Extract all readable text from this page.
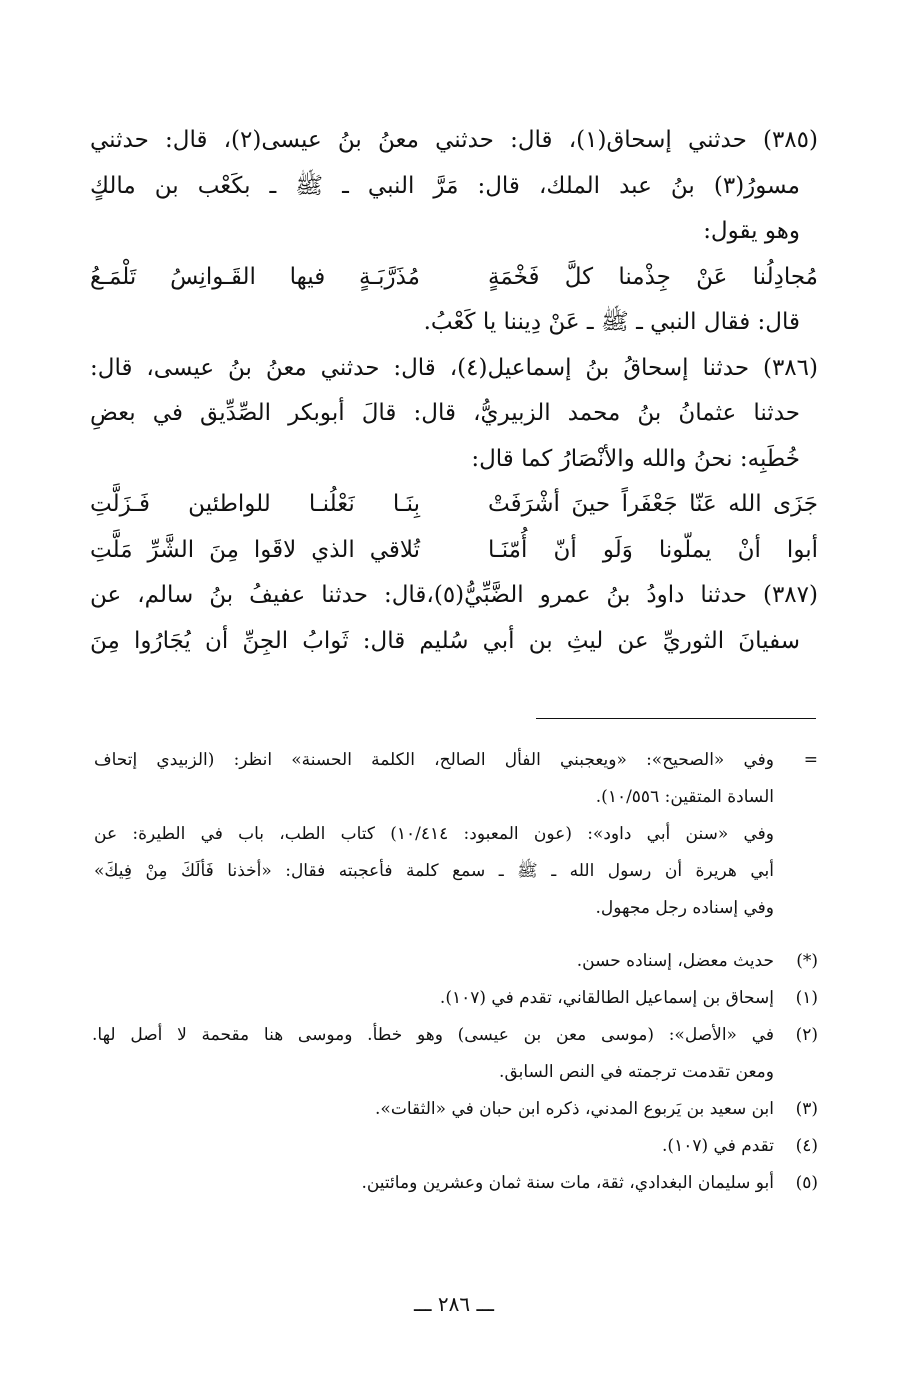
(٣٨٥) حدثني إسحاق(١)، قال: حدثني معنُ بنُ عيسى(٢)، قال: حدثني
مسورُ(٣) بنُ عبد الملك، قال: مَرَّ النبي ـ ﷺ ـ بكَعْب بن مالكٍ
وهو يقول:
مُجادِلُنا عَنْ جِذْمنا كلَّ فَخْمَةٍ
مُذَرَّبَـةٍ فيها القَـوانِسُ تَلْمَـعُ
قال: فقال النبي ـ ﷺ ـ عَنْ دِيننا يا كَعْبُ.
(٣٨٦) حدثنا إسحاقُ بنُ إسماعيل(٤)، قال: حدثني معنُ بنُ عيسى، قال:
حدثنا عثمانُ بنُ محمد الزبيريُّ، قال: قالَ أبوبكر الصِّدِّيق في بعضِ
خُطَبِه: نحنُ والله والأنْصَارُ كما قال:
جَزَى الله عَنّا جَعْفَراً حينَ أشْرَفَتْ
بِنَـا نَعْلُنـا للواطئين فَـزَلَّتِ
أبوا أنْ يملّونا وَلَو أنّ أُمّنَـا
تُلاقي الذي لاقَوا مِنَ الشَّرِّ مَلَّتِ
(٣٨٧) حدثنا داودُ بنُ عمرو الضَّبِّيُّ(٥)،قال: حدثنا عفيفُ بنُ سالم، عن
سفيانَ الثوريِّ عن ليثِ بن أبي سُليم قال: ثَوابُ الجِنِّ أن يُجَارُوا مِنَ
=وفي «الصحيح»: «ويعجبني الفأل الصالح، الكلمة الحسنة» انظر: (الزبيدي إتحاف
السادة المتقين: ١٠/٥٥٦).
وفي «سنن أبي داود»: (عون المعبود: ١٠/٤١٤) كتاب الطب، باب في الطيرة: عن
أبي هريرة أن رسول الله ـ ﷺ ـ سمع كلمة فأعجبته فقال: «أخذنا فَألَكَ مِنْ فِيكَ»
وفي إسناده رجل مجهول.
(*)
حديث معضل، إسناده حسن.
(١)
إسحاق بن إسماعيل الطالقاني، تقدم في (١٠٧).
(٢)
في «الأصل»: (موسى معن بن عيسى) وهو خطأ. وموسى هنا مقحمة لا أصل لها.
ومعن تقدمت ترجمته في النص السابق.
(٣)
ابن سعيد بن يَربوع المدني، ذكره ابن حبان في «الثقات».
(٤)
تقدم في (١٠٧).
(٥)
أبو سليمان البغدادي، ثقة، مات سنة ثمان وعشرين ومائتين.
ـــ ٢٨٦ ـــ
